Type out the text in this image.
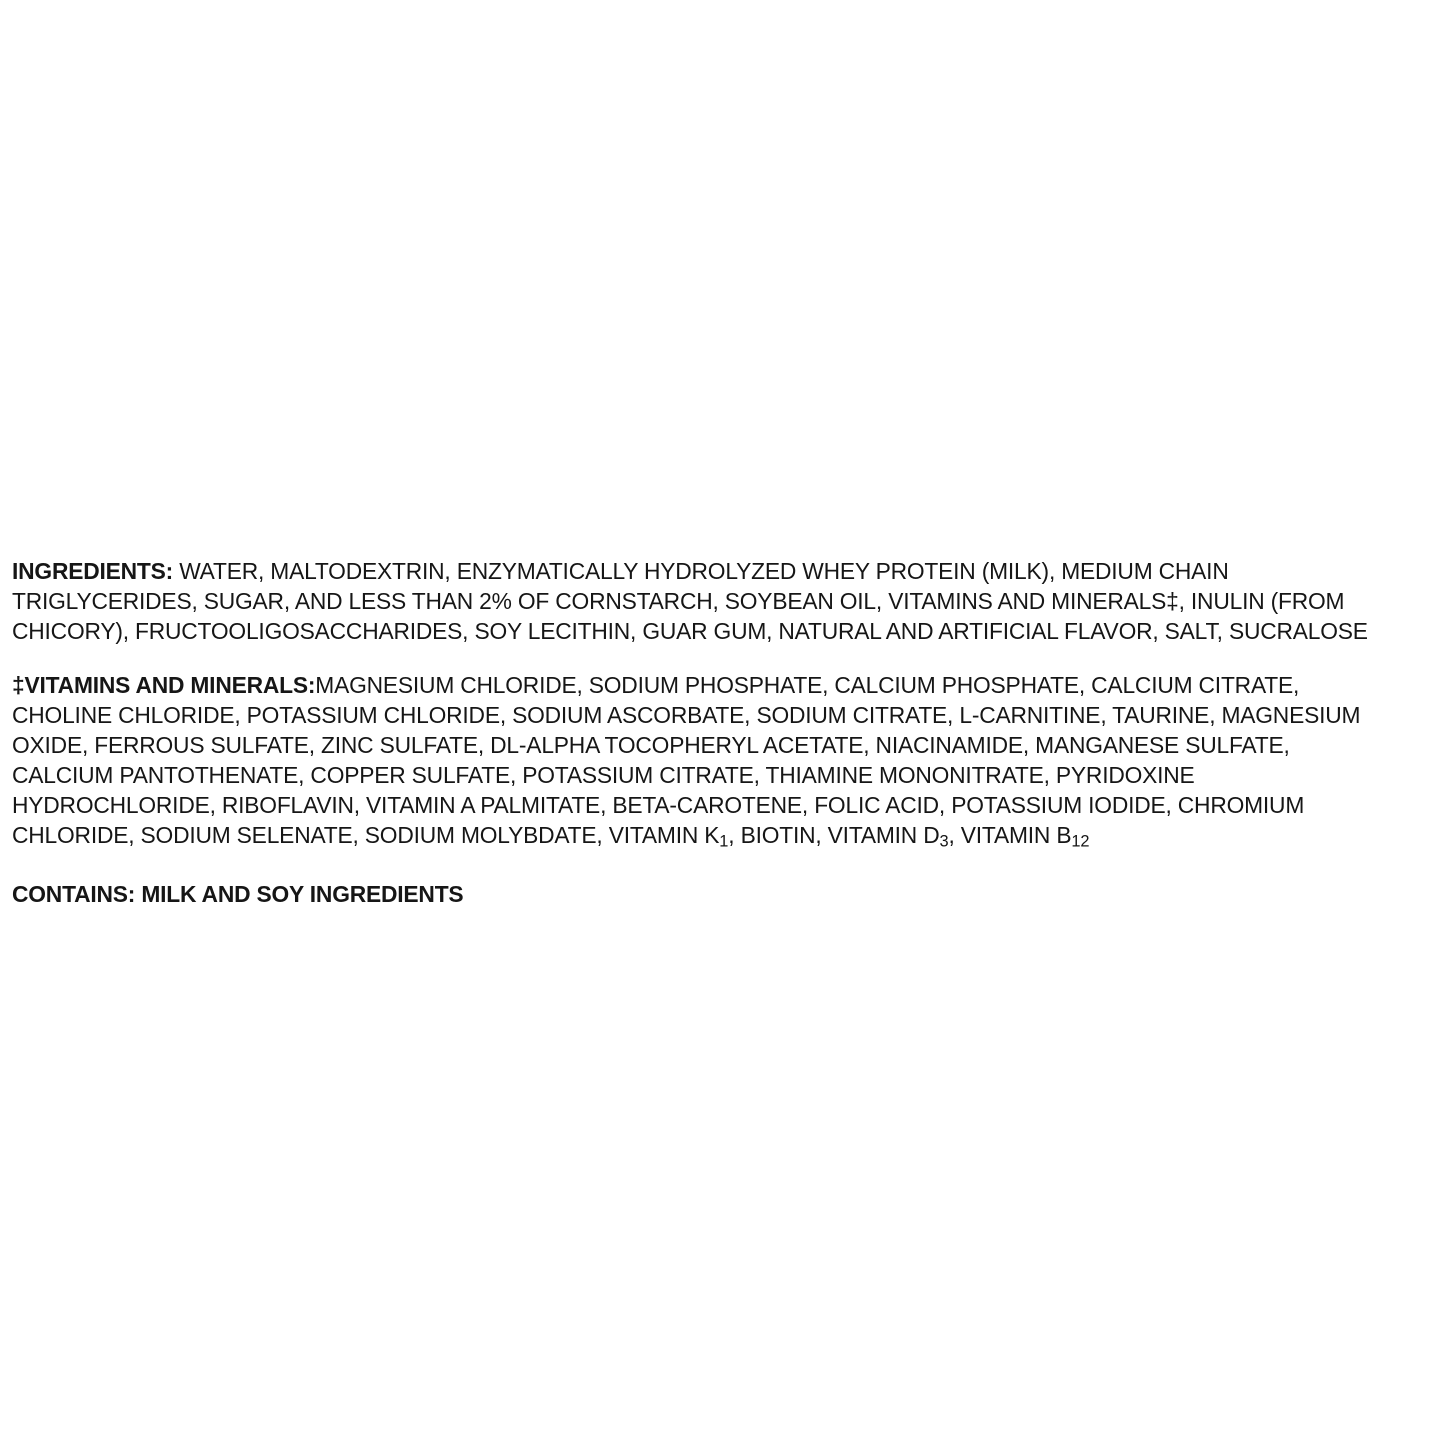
INGREDIENTS: WATER, MALTODEXTRIN, ENZYMATICALLY HYDROLYZED WHEY PROTEIN (MILK), MEDIUM CHAIN TRIGLYCERIDES, SUGAR, AND LESS THAN 2% OF CORNSTARCH, SOYBEAN OIL, VITAMINS AND MINERALS‡, INULIN (FROM CHICORY), FRUCTOOLIGOSACCHARIDES, SOY LECITHIN, GUAR GUM, NATURAL AND ARTIFICIAL FLAVOR, SALT, SUCRALOSE
‡VITAMINS AND MINERALS:MAGNESIUM CHLORIDE, SODIUM PHOSPHATE, CALCIUM PHOSPHATE, CALCIUM CITRATE, CHOLINE CHLORIDE, POTASSIUM CHLORIDE, SODIUM ASCORBATE, SODIUM CITRATE, L-CARNITINE, TAURINE, MAGNESIUM OXIDE, FERROUS SULFATE, ZINC SULFATE, DL-ALPHA TOCOPHERYL ACETATE, NIACINAMIDE, MANGANESE SULFATE, CALCIUM PANTOTHENATE, COPPER SULFATE, POTASSIUM CITRATE, THIAMINE MONONITRATE, PYRIDOXINE HYDROCHLORIDE, RIBOFLAVIN, VITAMIN A PALMITATE, BETA-CAROTENE, FOLIC ACID, POTASSIUM IODIDE, CHROMIUM CHLORIDE, SODIUM SELENATE, SODIUM MOLYBDATE, VITAMIN $K_1$, BIOTIN, VITAMIN $D_3$, VITAMIN $B_{12}$
CONTAINS: MILK AND SOY INGREDIENTS
